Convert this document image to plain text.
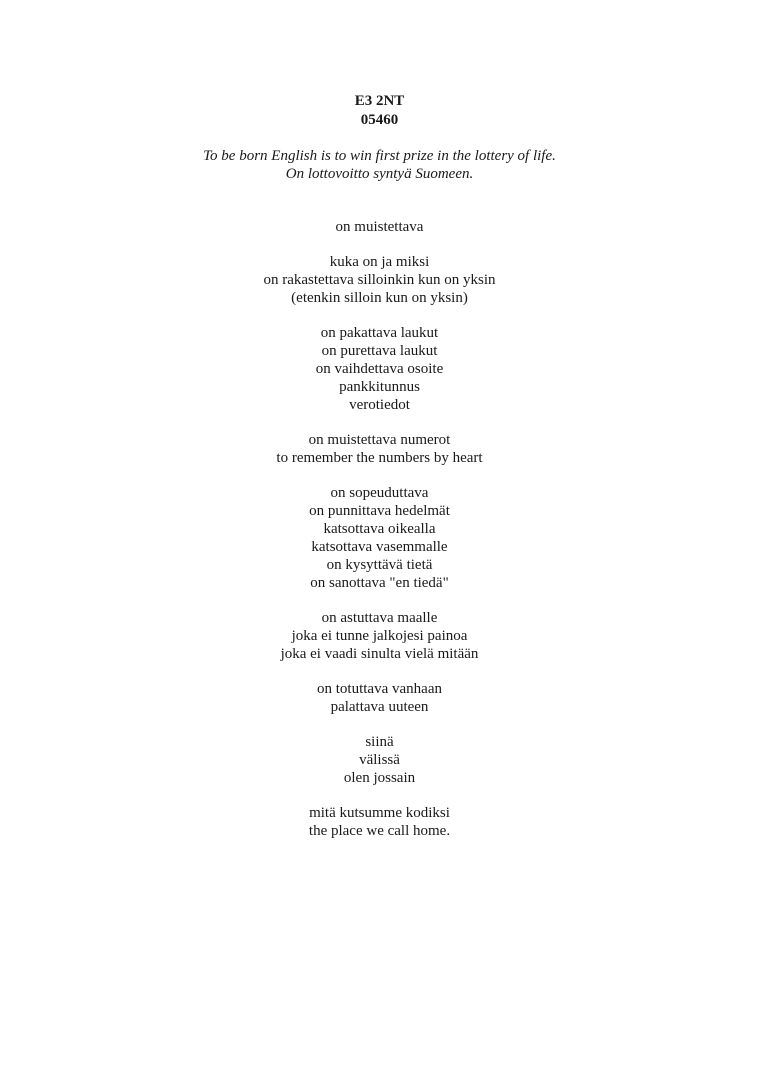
E3 2NT
05460
To be born English is to win first prize in the lottery of life.
On lottovoitto syntyä Suomeen.
on muistettava
kuka on ja miksi
on rakastettava silloinkin kun on yksin
(etenkin silloin kun on yksin)
on pakattava laukut
on purettava laukut
on vaihdettava osoite
pankkitunnus
verotiedot
on muistettava numerot
to remember the numbers by heart
on sopeuduttava
on punnittava hedelmät
katsottava oikealla
katsottava vasemmalle
on kysyttävä tietä
on sanottava "en tiedä"
on astuttava maalle
joka ei tunne jalkojesi painoa
joka ei vaadi sinulta vielä mitään
on totuttava vanhaan
palattava uuteen
siinä
välissä
olen jossain
mitä kutsumme kodiksi
the place we call home.
